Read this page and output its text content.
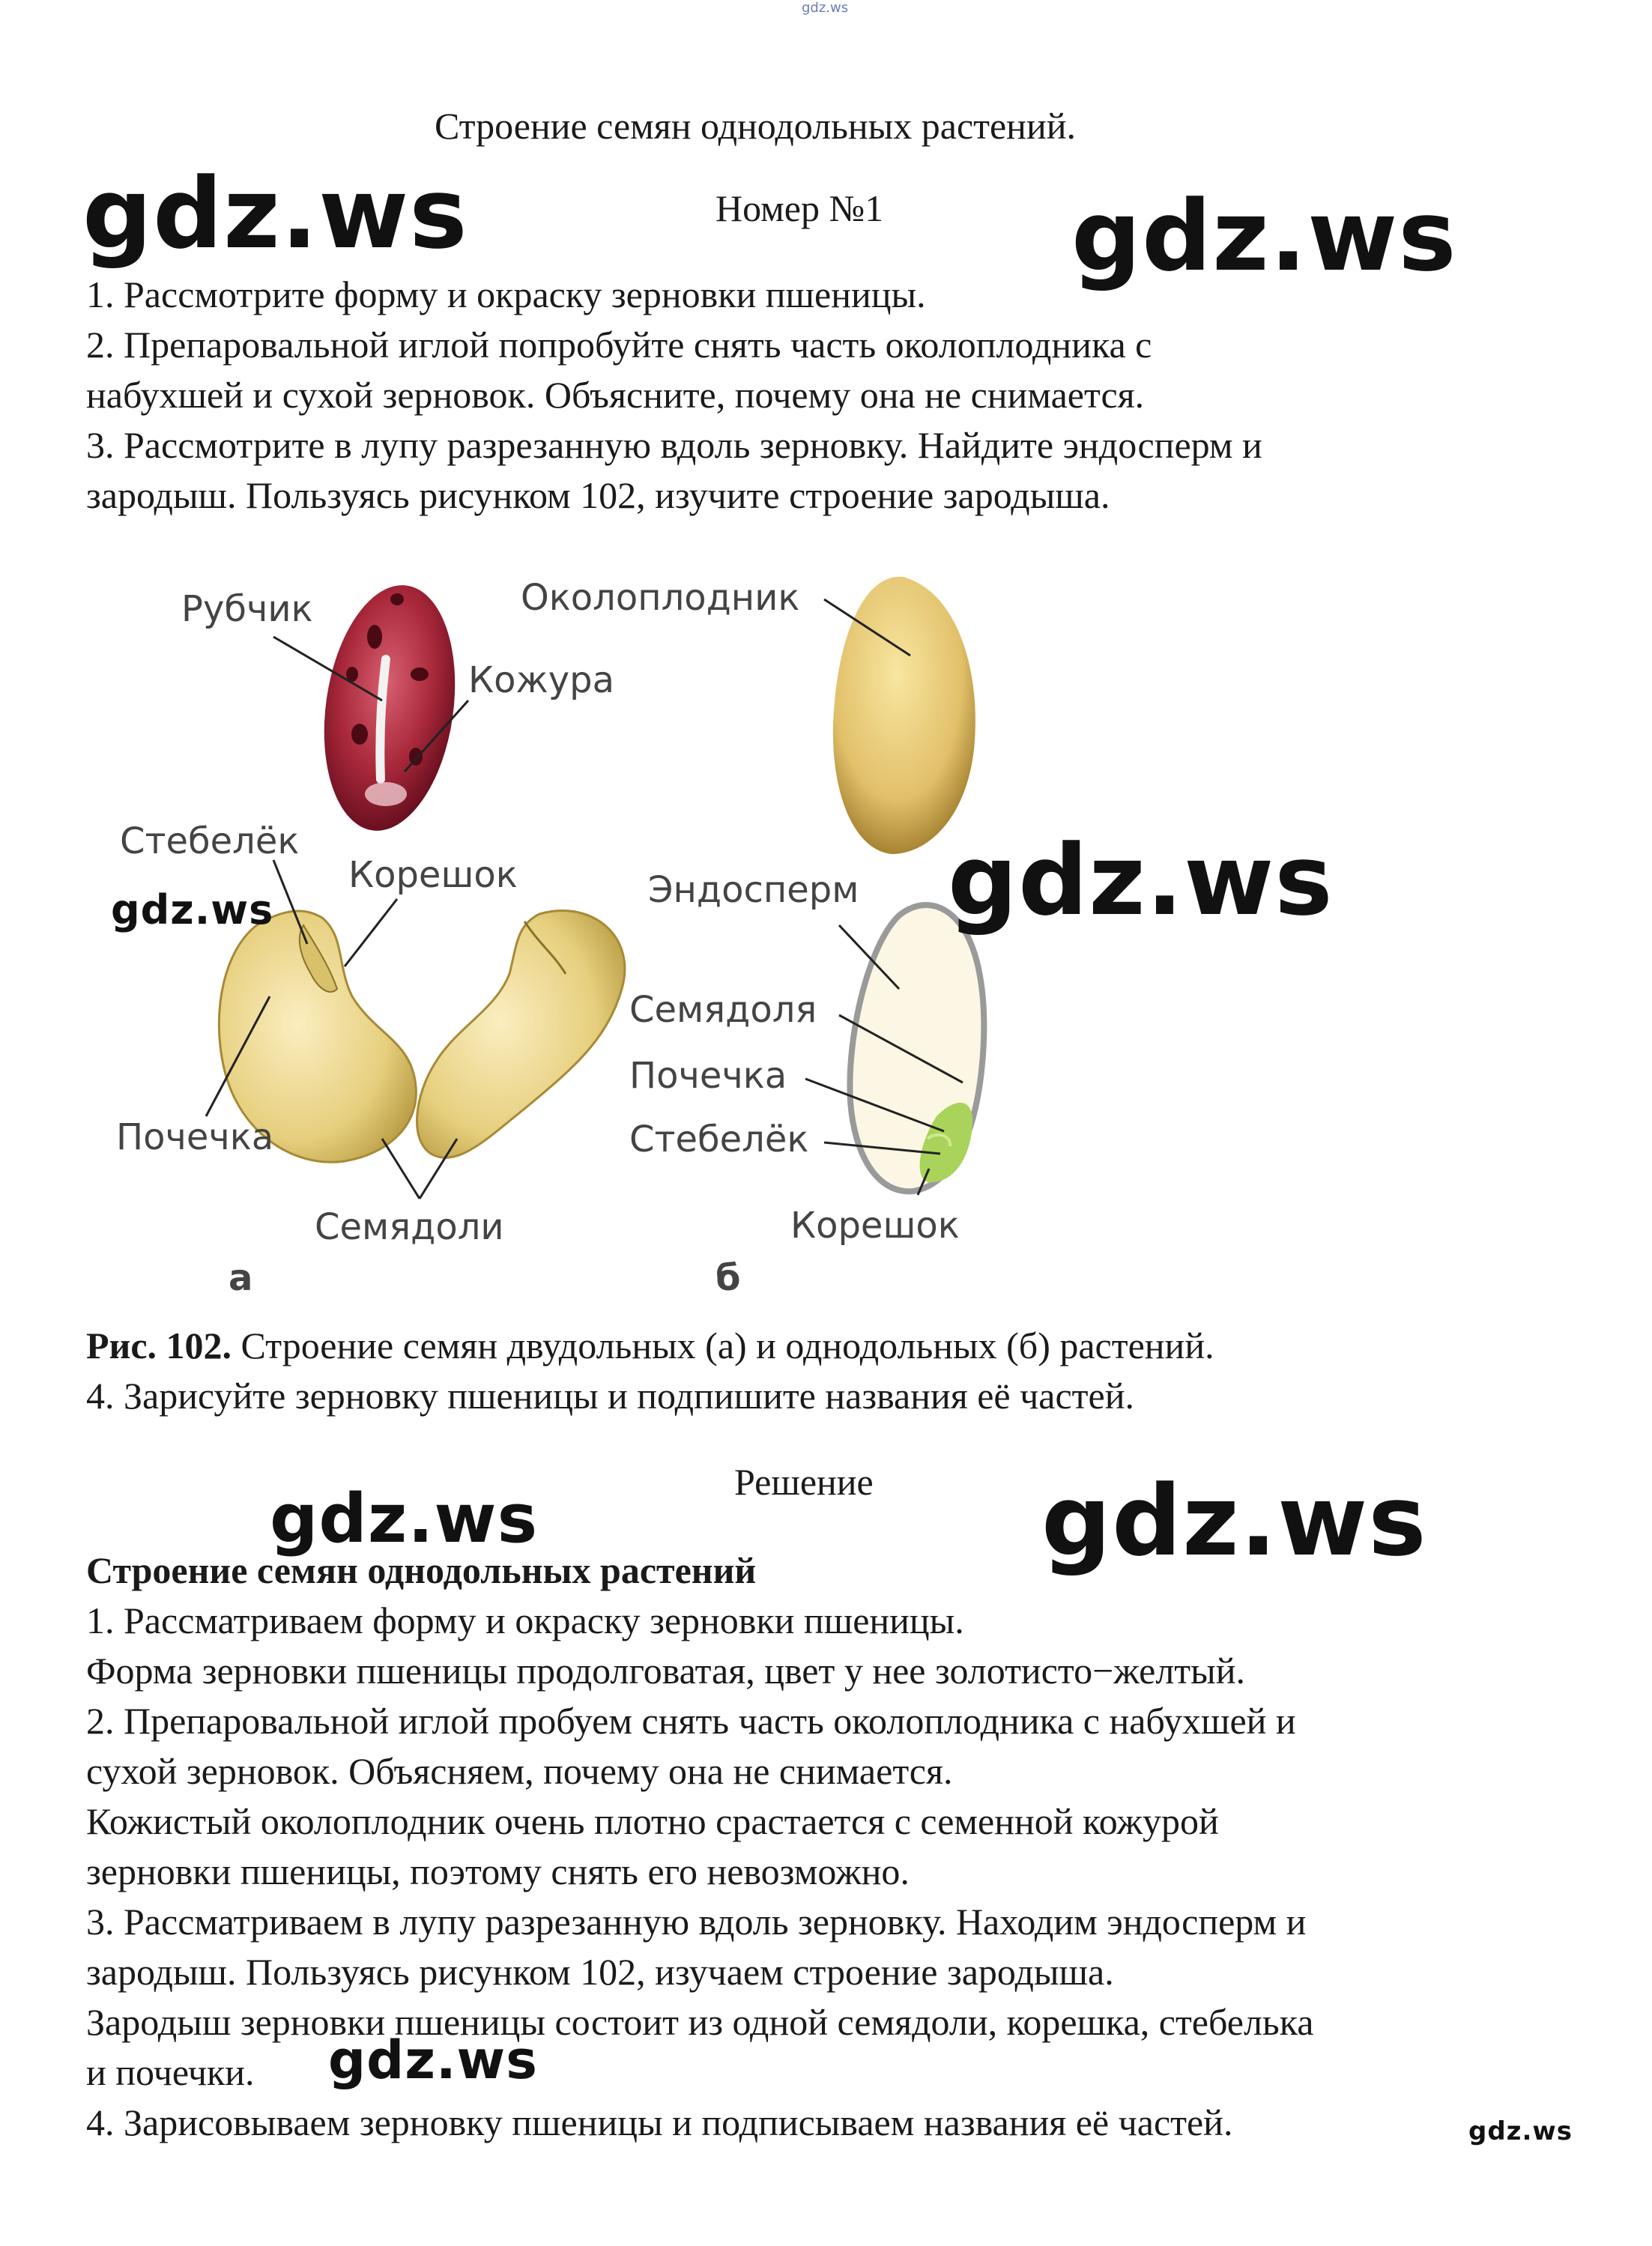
gdz.ws
Строение семян однодольных растений.
Номер №1
1. Рассмотрите форму и окраску зерновки пшеницы.
2. Препаровальной иглой попробуйте снять часть околоплодника с
набухшей и сухой зерновок. Объясните, почему она не снимается.
3. Рассмотрите в лупу разрезанную вдоль зерновку. Найдите эндосперм и
зародыш. Пользуясь рисунком 102, изучите строение зародыша.
Рубчик
Кожура
Околоплодник
Стебелёк
Корешок
Почечка
Семядоли
Эндосперм
Семядоля
Почечка
Стебелёк
Корешок
а	б
Рис. 102. Строение семян двудольных (а) и однодольных (б) растений.
4. Зарисуйте зерновку пшеницы и подпишите названия её частей.
Решение
Строение семян однодольных растений
1. Рассматриваем форму и окраску зерновки пшеницы.
Форма зерновки пшеницы продолговатая, цвет у нее золотисто−желтый.
2. Препаровальной иглой пробуем снять часть околоплодника с набухшей и
сухой зерновок. Объясняем, почему она не снимается.
Кожистый околоплодник очень плотно срастается с семенной кожурой
зерновки пшеницы, поэтому снять его невозможно.
3. Рассматриваем в лупу разрезанную вдоль зерновку. Находим эндосперм и
зародыш. Пользуясь рисунком 102, изучаем строение зародыша.
Зародыш зерновки пшеницы состоит из одной семядоли, корешка, стебелька
и почечки.
4. Зарисовываем зерновку пшеницы и подписываем названия её частей.
gdz.ws	gdz.ws
gdz.ws
gdz.ws
gdz.ws	gdz.ws
gdz.ws
gdz.ws
